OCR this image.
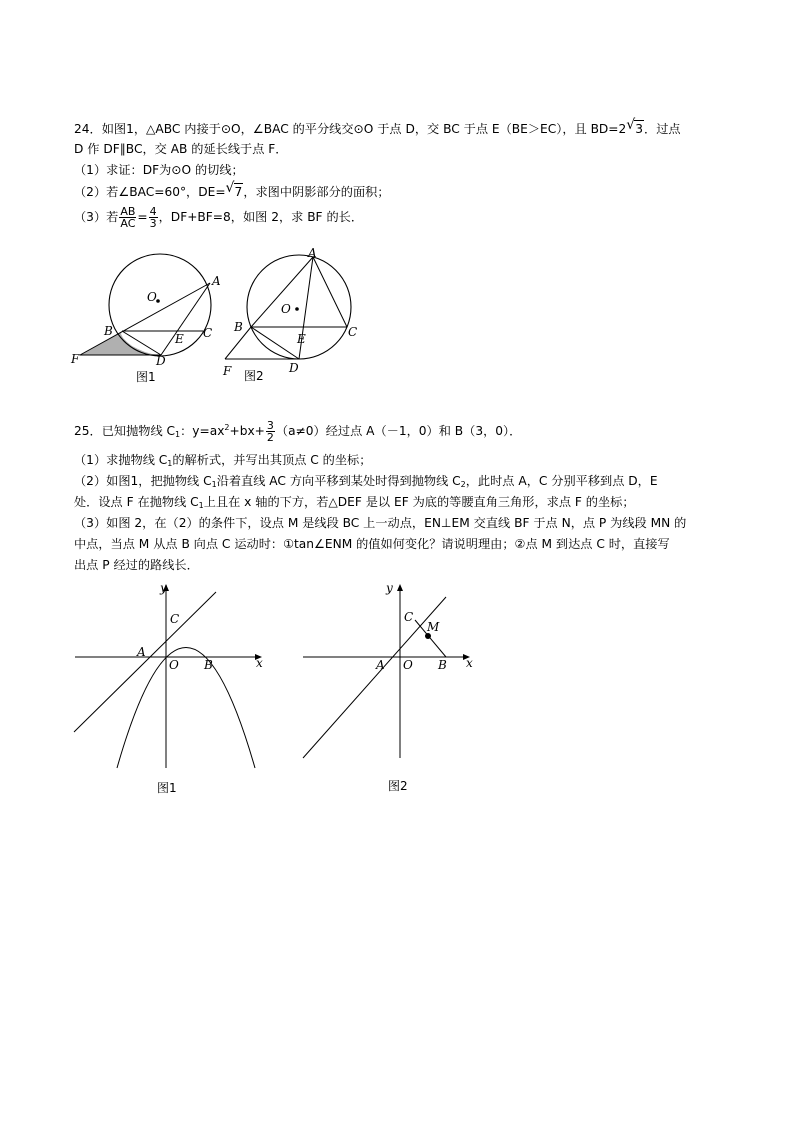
24．如图1，△ABC 内接于⊙O，∠BAC 的平分线交⊙O 于点 D，交 BC 于点 E（BE＞EC），且 BD=2 √ 3．过点
D 作 DF∥BC，交 AB 的延长线于点 F．
（1）求证：DF为⊙O 的切线；
（2）若∠BAC=60°，DE= √ 7，求图中阴影部分的面积；
（3）若 $\frac{AB}{AC} = \frac{4}{3}$ ，DF+BF=8，如图 2，求 BF 的长．
O
A
B	C
E
F	D
图1
O
A
B	C
E
F	D
图2
25．已知抛物线 $C_1$：$y=ax^2+bx+ \frac{3}{2} (a\ne 0)$经过点 A（－1，0）和 B（3，0）．
（1）求抛物线 $C_1$的解析式，并写出其顶点 C 的坐标；
（2）如图1，把抛物线 $C_1$沿着直线 AC 方向平移到某处时得到抛物线 $C_2$，此时点 A，C 分别平移到点 D，E
处．设点 F 在抛物线 $C_1$上且在 x 轴的下方，若△DEF 是以 EF 为底的等腰直角三角形，求点 F 的坐标；
（3）如图 2，在（2）的条件下，设点 M 是线段 BC 上一动点，EN⊥EM 交直线 BF 于点 N，点 P 为线段 MN 的
中点，当点 M 从点 B 向点 C 运动时：①tan∠ENM 的值如何变化？请说明理由；②点 M 到达点 C 时，直接写
出点 P 经过的路线长．
y
x
C
A
O B
图1
y
x
C
M
A O B
图2
